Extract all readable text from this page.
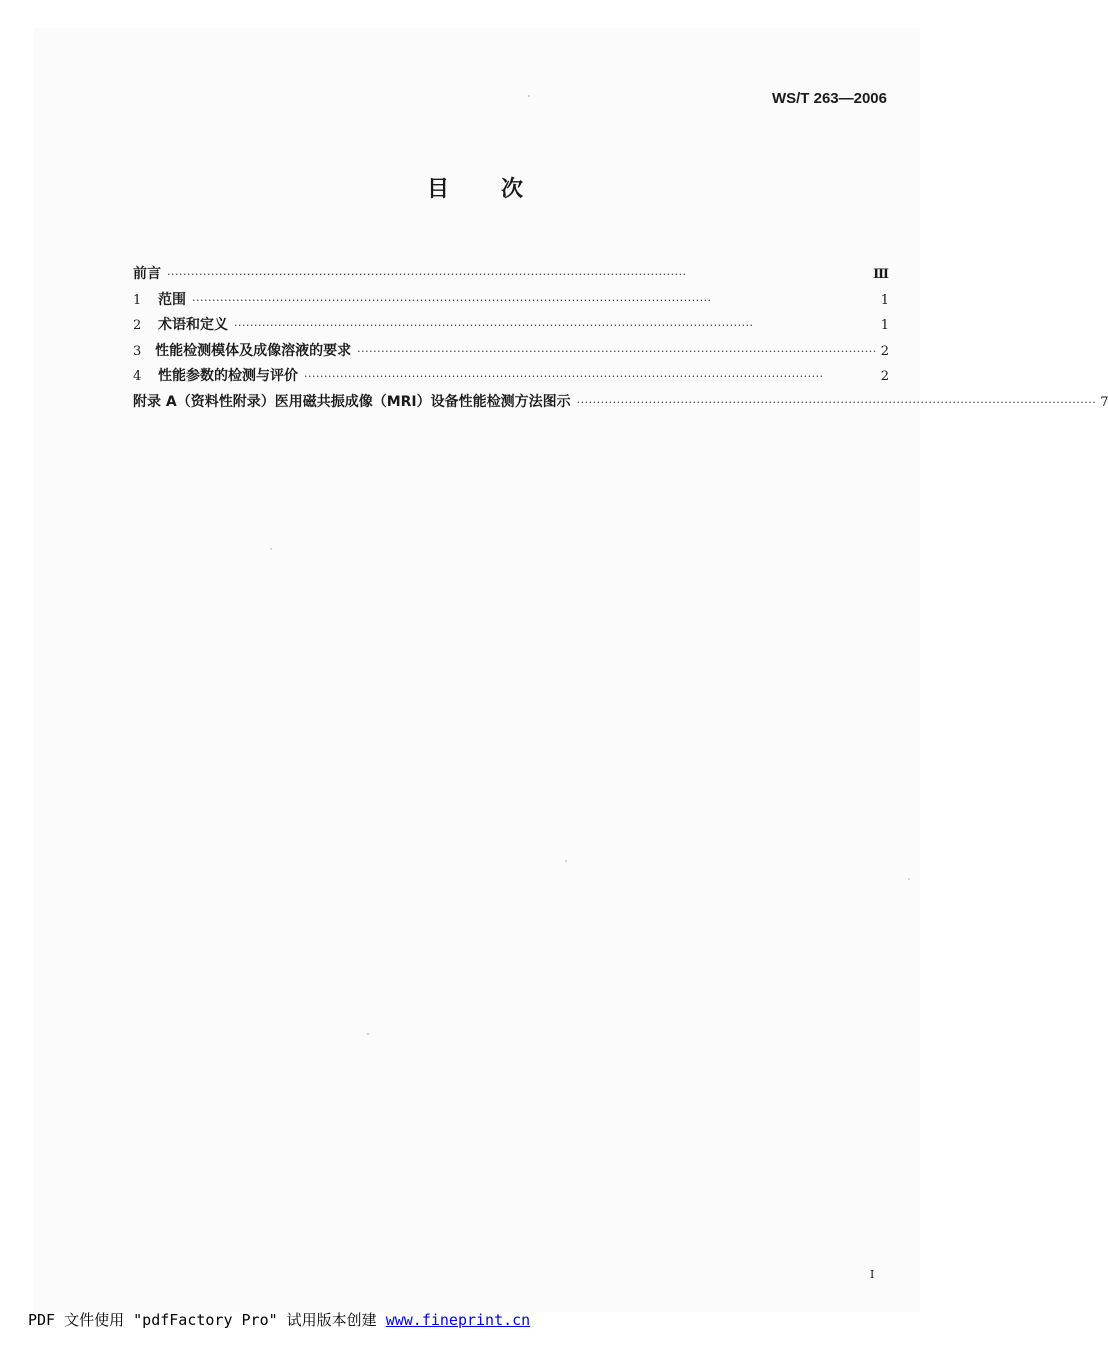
WS/T 263—2006
目 次
前言 ··································································································································	Ⅲ
1	范围 ··································································································································	1
2	术语和定义 ··································································································································	1
3 性能检测模体及成像溶液的要求 ·································································································································· 2
4	性能参数的检测与评价 ··································································································································	2
附录 A（资料性附录）医用磁共振成像（MRI）设备性能检测方法图示 ·································································································································· 7
I
PDF 文件使用 "pdfFactory Pro" 试用版本创建 www.fineprint.cn
